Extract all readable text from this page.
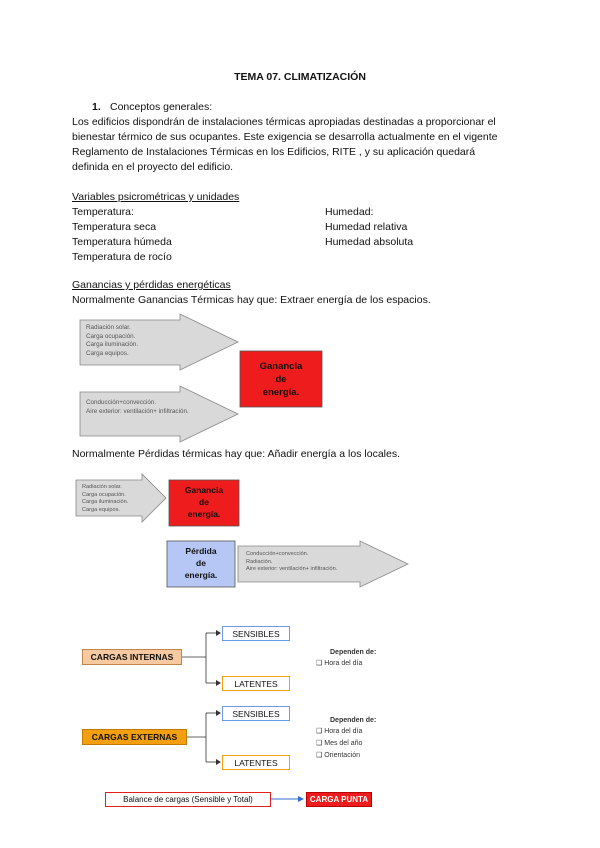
TEMA 07. CLIMATIZACIÓN
1. Conceptos generales:
Los edificios dispondrán de instalaciones térmicas apropiadas destinadas a proporcionar el
bienestar térmico de sus ocupantes. Este exigencia se desarrolla actualmente en el vigente
Reglamento de Instalaciones Térmicas en los Edificios, RITE , y su aplicación quedará
definida en el proyecto del edificio.
Variables psicrométricas y unidades
Temperatura:
Temperatura seca
Temperatura húmeda
Temperatura de rocío
Humedad:
Humedad relativa
Humedad absoluta
Ganancias y pérdidas energéticas
Normalmente Ganancias Térmicas hay que: Extraer energía de los espacios.
Radiación solar.
Carga ocupación.
Carga iluminación.
Carga equipos.
Conducción+convección.
Aire exterior: ventilación+ infiltración.
Ganancia
de
energía.
Normalmente Pérdidas térmicas hay que: Añadir energía a los locales.
Radiación solar.
Carga ocupación.
Carga iluminación.
Carga equipos.
Ganancia
de
energía.
Pérdida
de
energía.
Conducción+convección.
Radiación.
Aire exterior: ventilación+ infiltración.
CARGAS INTERNAS
SENSIBLES
LATENTES
Dependen de:
❑ Hora del día
CARGAS EXTERNAS
SENSIBLES
LATENTES
Dependen de:
❑ Hora del día
❑ Mes del año
❑ Orientación
Balance de cargas (Sensible y Total)	CARGA PUNTA
